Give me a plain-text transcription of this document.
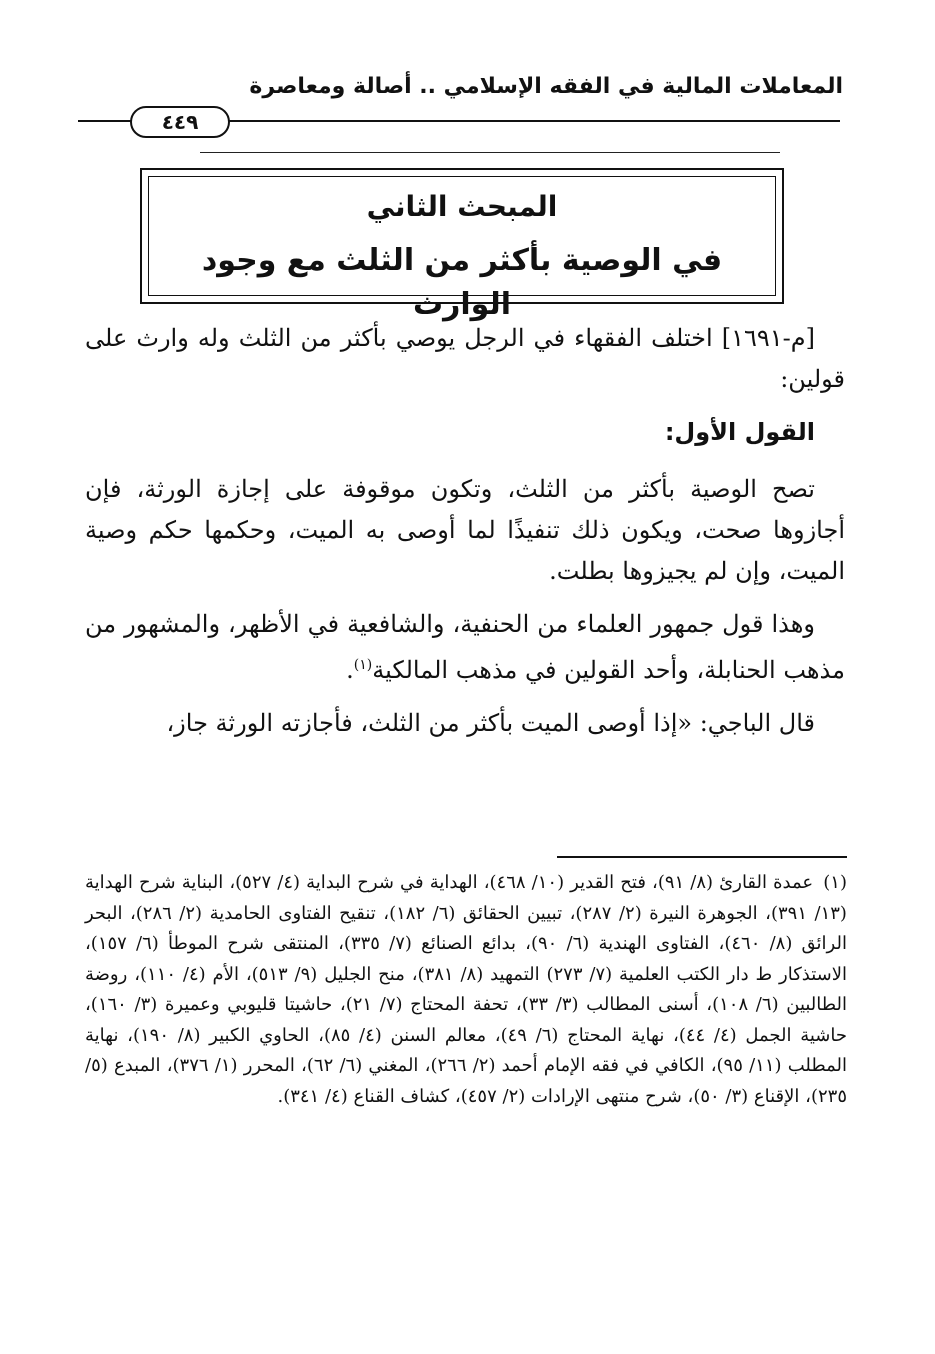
المعاملات المالية في الفقه الإسلامي .. أصالة ومعاصرة
٤٤٩
المبحث الثاني
في الوصية بأكثر من الثلث مع وجود الوارث

[م-١٦٩١] اختلف الفقهاء في الرجل يوصي بأكثر من الثلث وله وارث على قولين:

القول الأول:

تصح الوصية بأكثر من الثلث، وتكون موقوفة على إجازة الورثة، فإن أجازوها صحت، ويكون ذلك تنفيذًا لما أوصى به الميت، وحكمها حكم وصية الميت، وإن لم يجيزوها بطلت.

وهذا قول جمهور العلماء من الحنفية، والشافعية في الأظهر، والمشهور من مذهب الحنابلة، وأحد القولين في مذهب المالكية$^{(١)}$.

قال الباجي: «إذا أوصى الميت بأكثر من الثلث، فأجازته الورثة جاز،

(١) عمدة القارئ (٨/ ٩١)، فتح القدير (١٠/ ٤٦٨)، الهداية في شرح البداية (٤/ ٥٢٧)، البناية شرح الهداية (١٣/ ٣٩١)، الجوهرة النيرة (٢/ ٢٨٧)، تبيين الحقائق (٦/ ١٨٢)، تنقيح الفتاوى الحامدية (٢/ ٢٨٦)، البحر الرائق (٨/ ٤٦٠)، الفتاوى الهندية (٦/ ٩٠)، بدائع الصنائع (٧/ ٣٣٥)، المنتقى شرح الموطأ (٦/ ١٥٧)، الاستذكار ط دار الكتب العلمية (٧/ ٢٧٣) التمهيد (٨/ ٣٨١)، منح الجليل (٩/ ٥١٣)، الأم (٤/ ١١٠)، روضة الطالبين (٦/ ١٠٨)، أسنى المطالب (٣/ ٣٣)، تحفة المحتاج (٧/ ٢١)، حاشيتا قليوبي وعميرة (٣/ ١٦٠)، حاشية الجمل (٤/ ٤٤)، نهاية المحتاج (٦/ ٤٩)، معالم السنن (٤/ ٨٥)، الحاوي الكبير (٨/ ١٩٠)، نهاية المطلب (١١/ ٩٥)، الكافي في فقه الإمام أحمد (٢/ ٢٦٦)، المغني (٦/ ٦٢)، المحرر (١/ ٣٧٦)، المبدع (٥/ ٢٣٥)، الإقناع (٣/ ٥٠)، شرح منتهى الإرادات (٢/ ٤٥٧)، كشاف القناع (٤/ ٣٤١).
